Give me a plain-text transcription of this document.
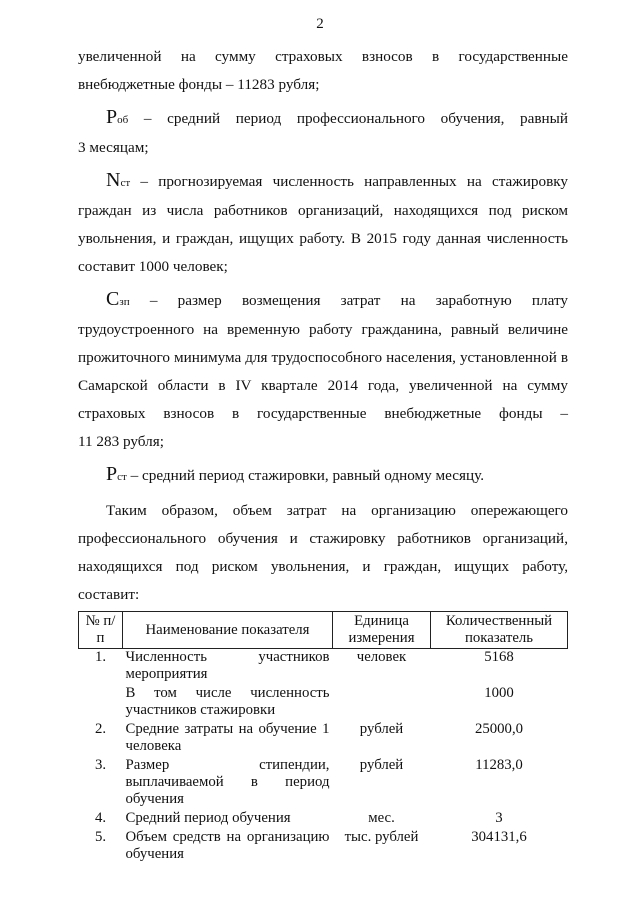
2

увеличенной на сумму страховых взносов в государственные

внебюджетные фонды – 11283 рубля;

Роб – средний период профессионального обучения, равный

3 месяцам;

Nст – прогнозируемая численность направленных на стажировку

граждан из числа работников организаций, находящихся под риском

увольнения, и граждан, ищущих работу. В 2015 году данная численность

составит 1000 человек;

Сзп – размер возмещения затрат на заработную плату

трудоустроенного на временную работу гражданина, равный величине

прожиточного минимума для трудоспособного населения, установленной в

Самарской области в IV квартале 2014 года, увеличенной на сумму

страховых взносов в государственные внебюджетные фонды –

11 283 рубля;

Рст – средний период стажировки, равный одному месяцу.

Таким образом, объем затрат на организацию опережающего

профессионального обучения и стажировку работников организаций,

находящихся под риском увольнения, и граждан, ищущих работу,

составит:

№ п/п	Наименование показателя	Единица измерения	Количественный показатель
1.	Численность участников мероприятия	человек	5168
	В том числе численность участников стажировки		1000
2.	Средние затраты на обучение 1 человека	рублей	25000,0
3.	Размер стипендии, выплачиваемой в период обучения	рублей	11283,0
4.	Средний период обучения	мес.	3
5.	Объем средств на организацию обучения	тыс. рублей	304131,6
